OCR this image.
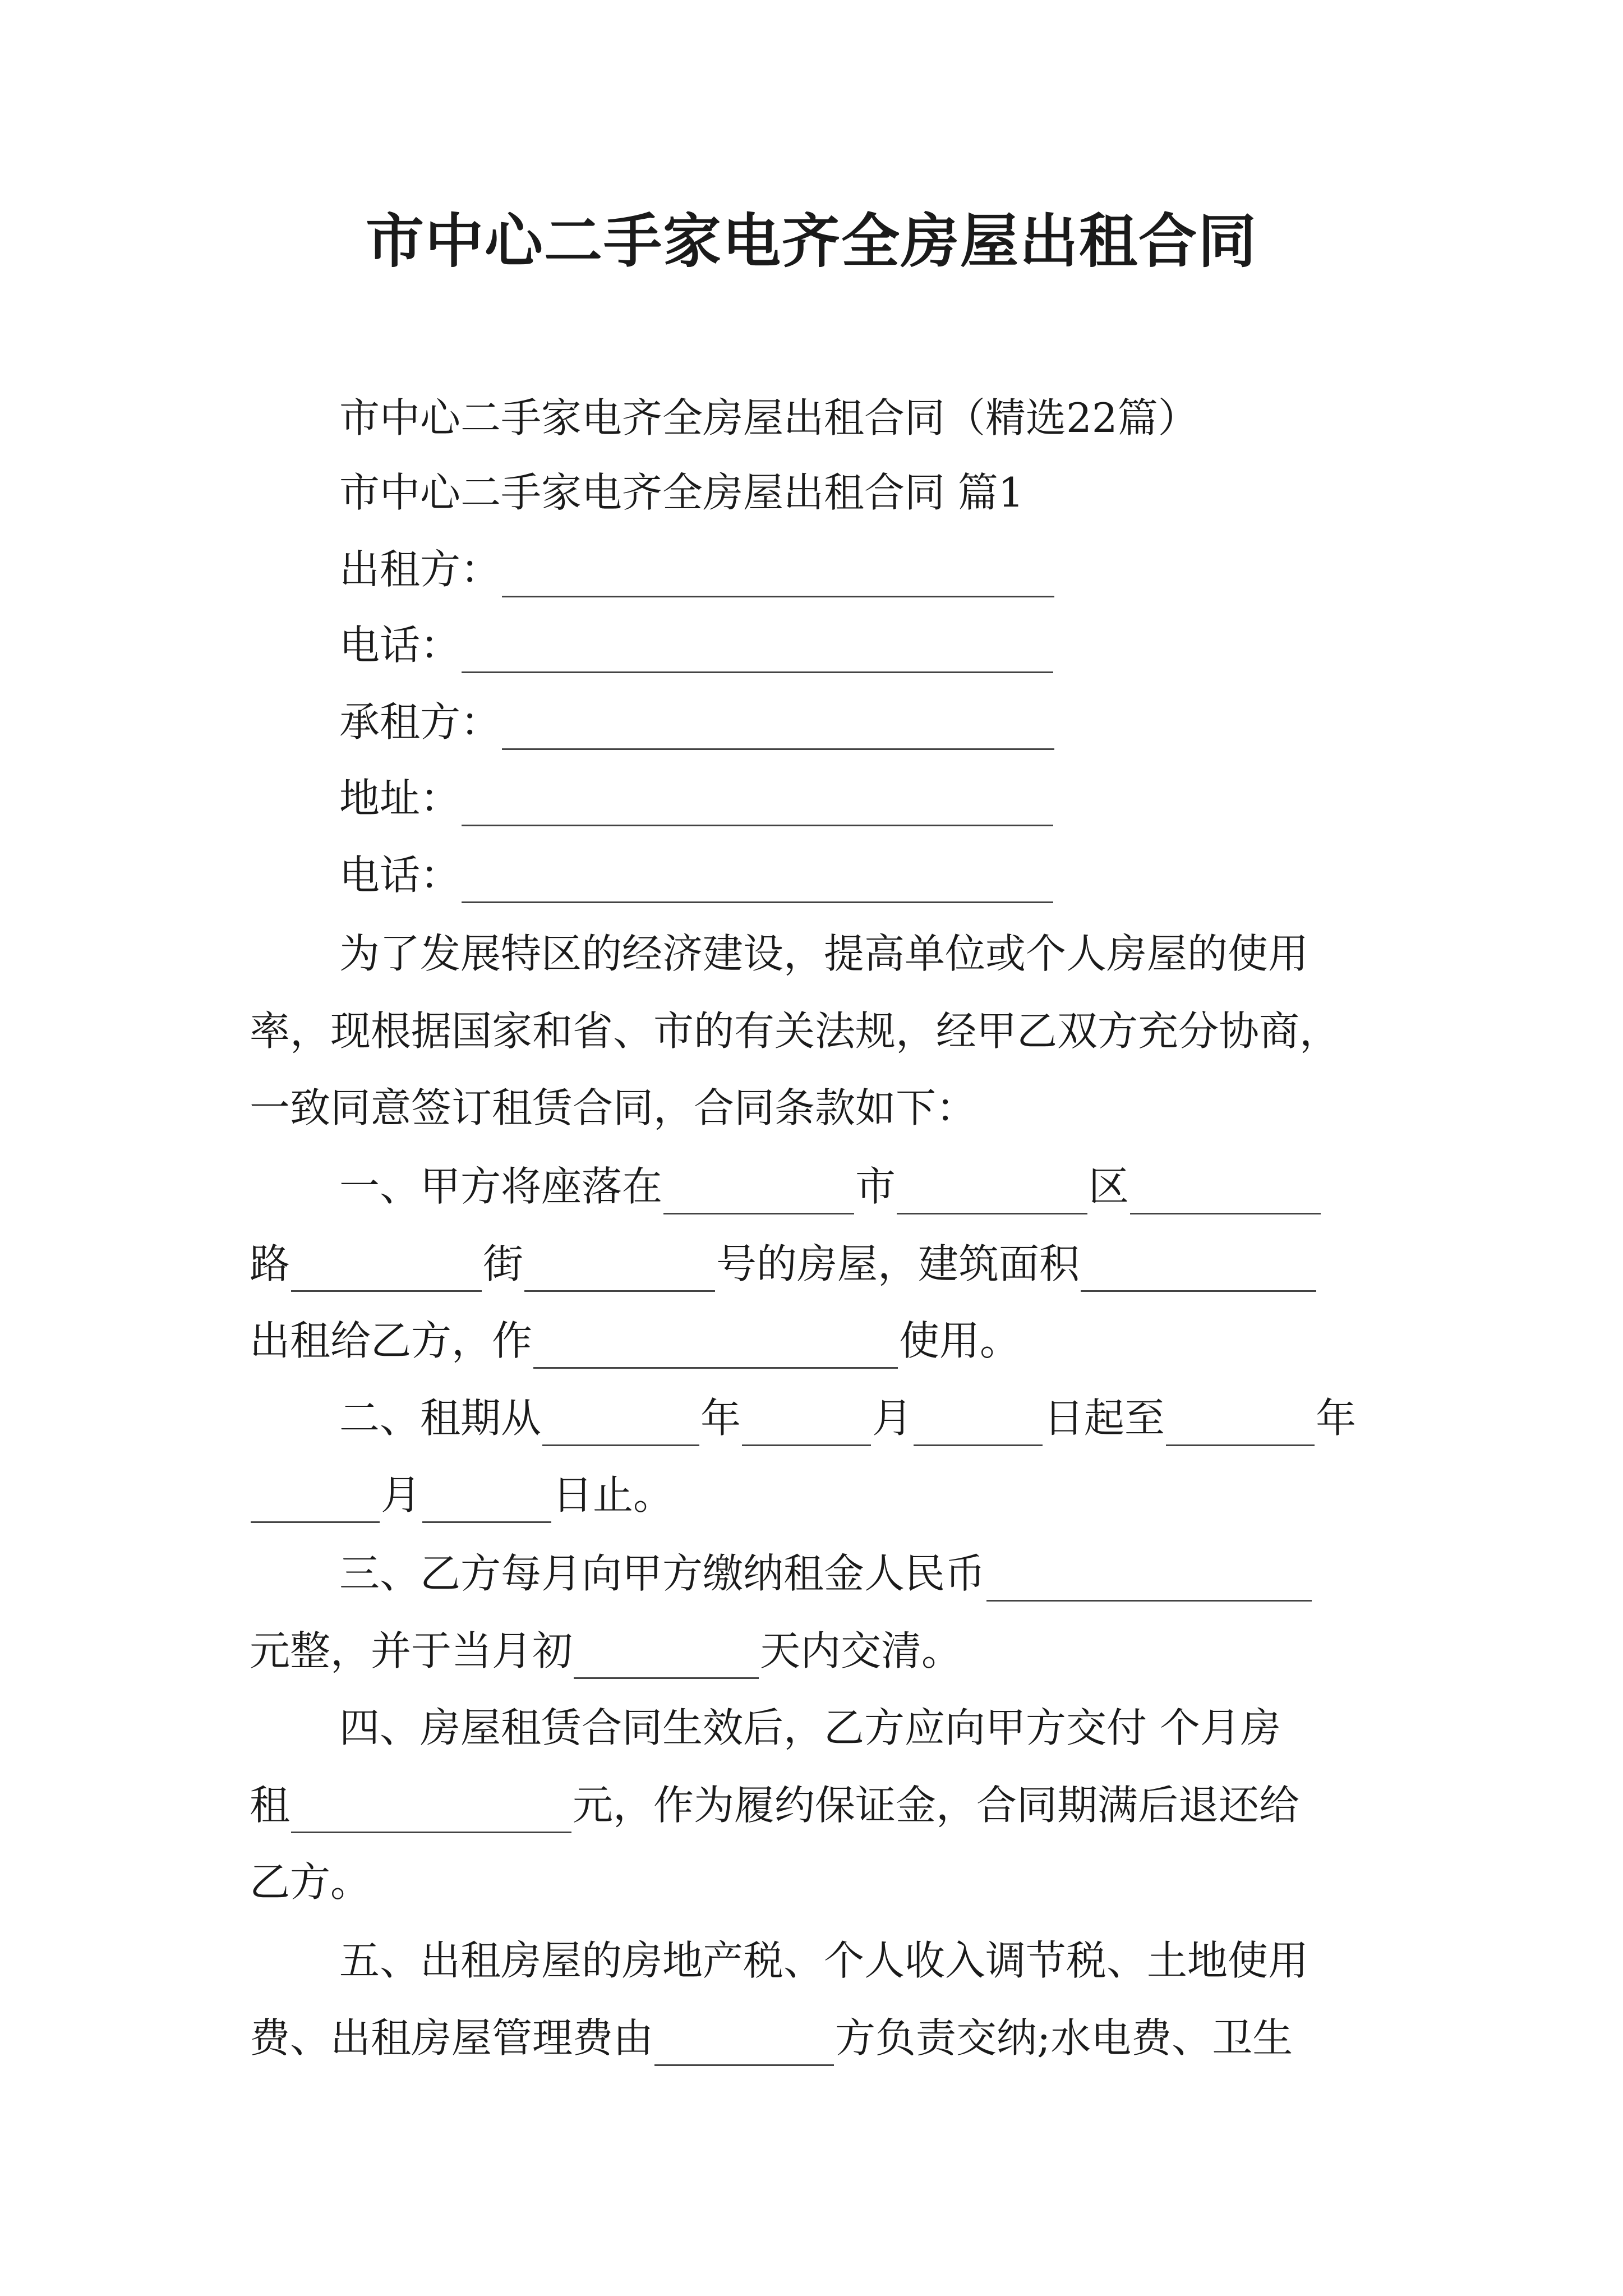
市中心二手家电齐全房屋出租合同
市中心二手家电齐全房屋出租合同（精选22篇）
市中心二手家电齐全房屋出租合同 篇1
出租方：
电话：
承租方：
地址：
电话：
为了发展特区的经济建设，提高单位或个人房屋的使用
率，现根据国家和省、市的有关法规，经甲乙双方充分协商，
一致同意签订租赁合同，合同条款如下：
一、甲方将座落在	市	区
路	街	号的房屋，建筑面积
出租给乙方，作	使用。
二、租期从	年	月	日起至	年
月	日止。
三、乙方每月向甲方缴纳租金人民币
元整，并于当月初	天内交清。
四、房屋租赁合同生效后，乙方应向甲方交付 个月房
租	元，作为履约保证金，合同期满后退还给
乙方。
五、出租房屋的房地产税、个人收入调节税、土地使用
费、出租房屋管理费由	方负责交纳;水电费、卫生
